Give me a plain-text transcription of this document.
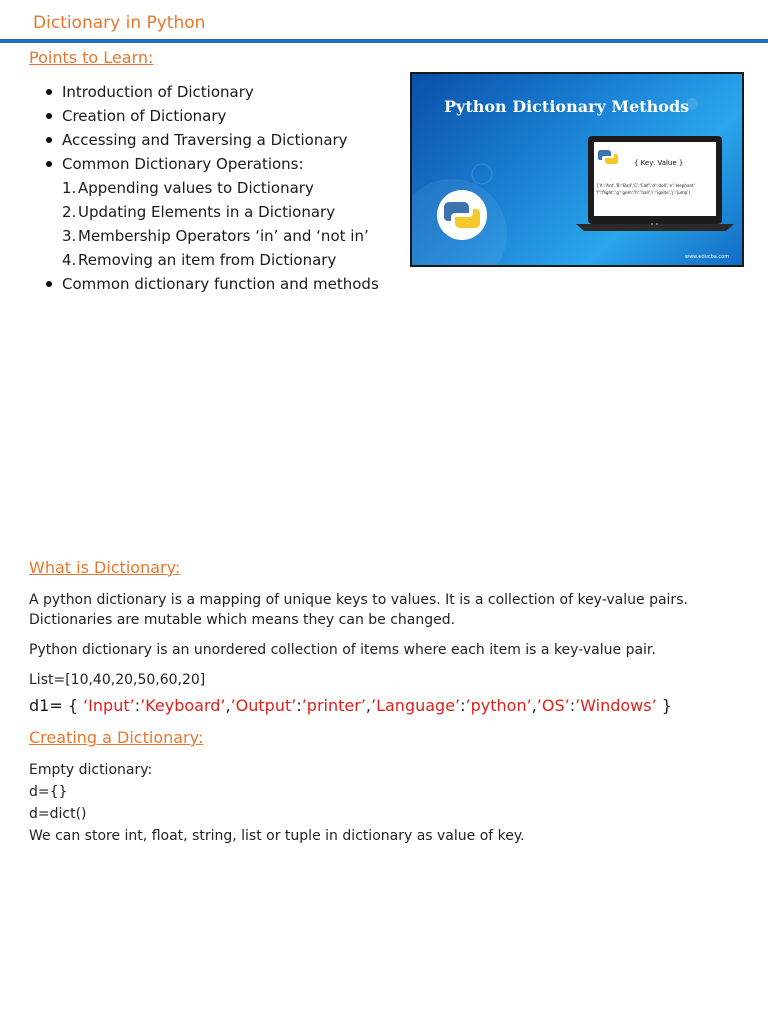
Dictionary in Python
Points to Learn:
Introduction of Dictionary
Creation of Dictionary
Accessing and Traversing a Dictionary
Common Dictionary Operations:
1. Appending values to Dictionary
2. Updating Elements in a Dictionary
3. Membership Operators ‘in’ and ‘not in’
4. Removing an item from Dictionary
Common dictionary function and methods
Python Dictionary Methods
{ Key: Value }
{'A':'Ant','B':'Ball','C':'Calf','d':'doll','e':'elephant'
'f':'flight','g':'gem','h':'hall','i':'ignite','j':'jump'}
www.educba.com
What is Dictionary:
A python dictionary is a mapping of unique keys to values. It is a collection of key-value pairs. Dictionaries are mutable which means they can be changed.
Python dictionary is an unordered collection of items where each item is a key-value pair.
List=[10,40,20,50,60,20]
d1= { ‘Input’:’Keyboard’,’Output’:’printer’,’Language’:’python’,’OS’:’Windows’ }
Creating a Dictionary:
Empty dictionary:
d={}
d=dict()
We can store int, float, string, list or tuple in dictionary as value of key.
